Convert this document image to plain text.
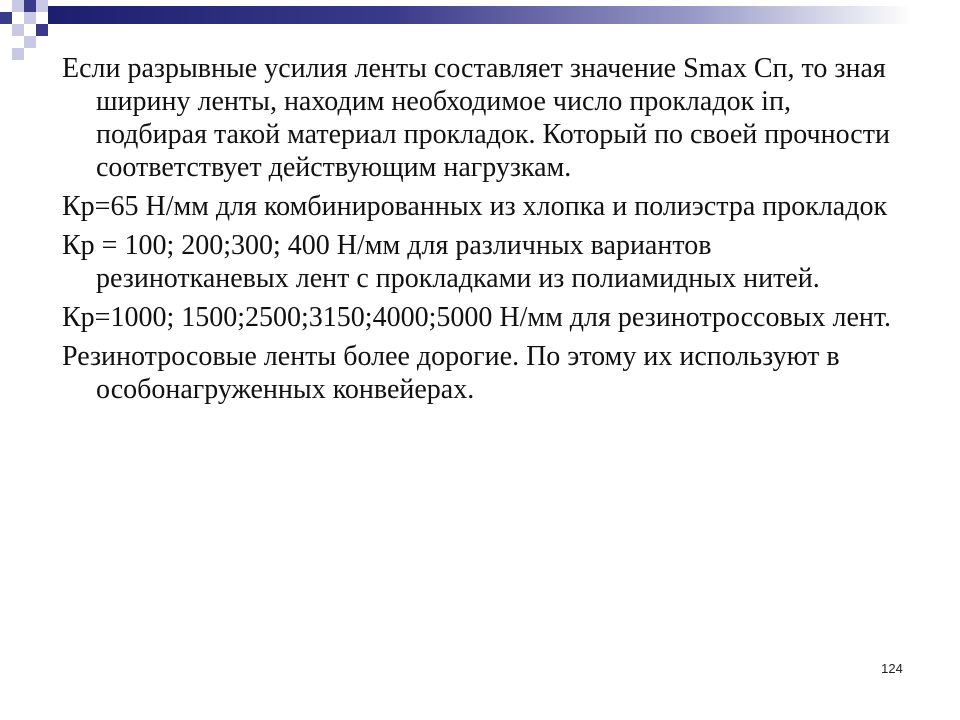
Если разрывные усилия ленты составляет значение Smax Сп, то зная ширину ленты, находим необходимое число прокладок iп, подбирая такой материал прокладок. Который по своей прочности соответствует действующим нагрузкам.

Кр=65 Н/мм для комбинированных из хлопка и полиэстра прокладок

Кр = 100; 200;300; 400 Н/мм для различных вариантов резинотканевых лент с прокладками из полиамидных нитей.

Кр=1000; 1500;2500;3150;4000;5000 Н/мм для резинотроссовых лент.

Резинотросовые ленты более дорогие. По этому их используют в особонагруженных конвейерах.

124
